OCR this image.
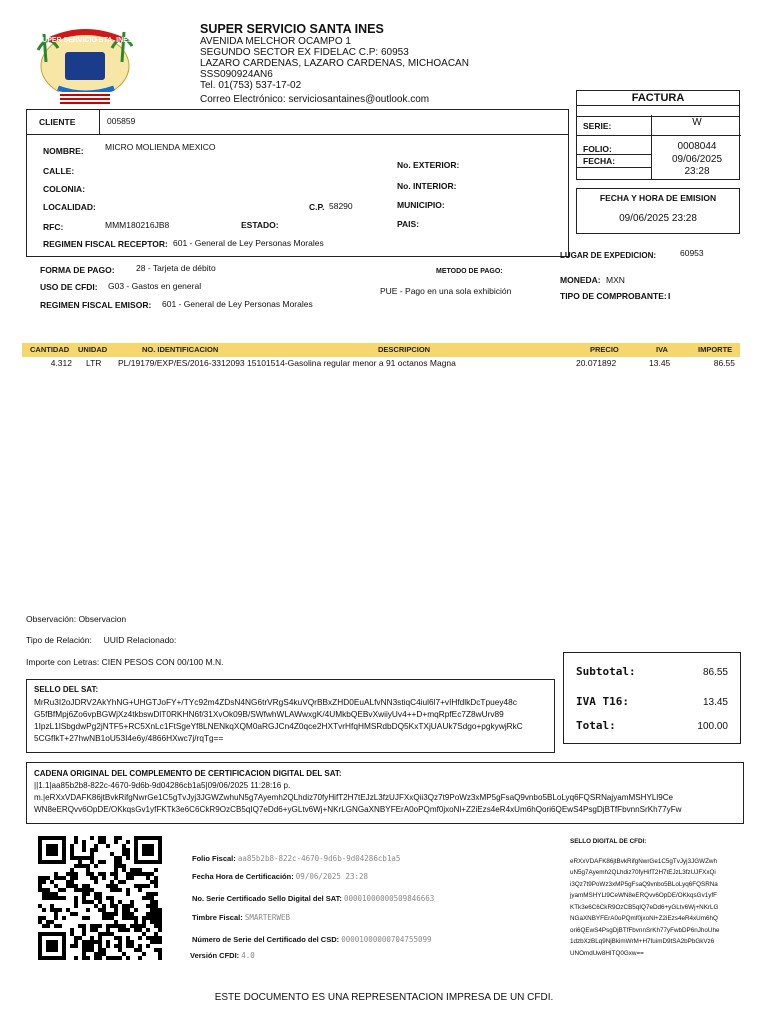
SUPER SERVICIO STA. INES
SUPER SERVICIO SANTA INES
AVENIDA MELCHOR OCAMPO 1
SEGUNDO SECTOR EX FIDELAC C.P: 60953
LAZARO CARDENAS, LAZARO CARDENAS, MICHOACAN
SSS090924AN6
Tel. 01(753) 537-17-02
Correo Electrónico: serviciosantaines@outlook.com	FACTURA
SERIE:	W
FOLIO:	0008044
FECHA:	09/06/2025
23:28
FECHA Y HORA DE EMISION
09/06/2025 23:28
CLIENTE	005859
NOMBRE:	MICRO MOLIENDA MEXICO
CALLE:
COLONIA:
LOCALIDAD:	C.P. 58290
RFC:	MMM180216JB8	ESTADO:
No. EXTERIOR:
No. INTERIOR:
MUNICIPIO:
PAIS:
REGIMEN FISCAL RECEPTOR: 601 - General de Ley Personas Morales
LUGAR DE EXPEDICION:	60953
FORMA DE PAGO:	28 - Tarjeta de débito
USO DE CFDI: G03 - Gastos en general
REGIMEN FISCAL EMISOR: 601 - General de Ley Personas Morales
METODO DE PAGO:
PUE - Pago en una sola exhibición
MONEDA: MXN
TIPO DE COMPROBANTE: I
CANTIDAD UNIDAD	NO. IDENTIFICACION	DESCRIPCION	PRECIO	IVA	IMPORTE
4.312 LTR PL/19179/EXP/ES/2016-3312093 15101514-Gasolina regular menor a 91 octanos Magna	20.071892	13.45	86.55
Observación: Observacion
Tipo de Relación:     UUID Relacionado:
Importe con Letras: CIEN PESOS CON 00/100 M.N.
Subtotal:	86.55
IVA T16:	13.45
Total:	100.00
SELLO DEL SAT:
MrRu3I2oJDRV2AkYhNG+UHGTJoFY+/TYc92m4ZDsN4NG6trVRgS4kuVQrBBxZHD0EuALfvNN3stiqC4iul6l7+vIHfdlkDcTpuey48c
G5fBfMpj6Zo6vpBGWjXz4tkbswDlT0RKHN6f/31XvOk09B/SWfwhWLAWwxgK/4UMkbQEBvXwiiyUv4++D+mqRpfEc7Z8wUrv89
1IpzL1lSbgdwPg2jNTF5+RC5XnLc1FtSgeYf8LNENkqXQM0aRGJCn4Z0qce2HXTvrHfqHMSRdbDQ5KxTXjUAUk7Sdgo+pgkywjRkC
5CGflkT+27hwNB1oU53I4e6y/4866HXwc7j/rqTg==
CADENA ORIGINAL DEL COMPLEMENTO DE CERTIFICACION DIGITAL DEL SAT:
||1.1|aa85b2b8-822c-4670-9d6b-9d04286cb1a5|09/06/2025 11:28:16 p.
m.|eRXxVDAFK86jtBvkRifgNwrGe1C5gTvJyj3JGWZwhuN5g7Ayemh2QLhdiz70fyHifT2H7tEJzL3fzUJFXxQii3Qz7t9PoWz3xMP5gFsaQ9vnbo5BLoLyq6FQSRNajyamMSHYLl9Ce
WN8eERQvv6OpDE/OKkqsGv1yfFKTk3e6C6CkR9OzCB5qIQ7eDd6+yGLtv6Wj+NKrLGNGaXNBYFErA0oPQmf0jxoNl+Z2iEzs4eR4xUm6hQori6QEwS4PsgDjBTfFbvnnSrKh77yFw
Folio Fiscal: aa85b2b8-822c-4670-9d6b-9d04286cb1a5
Fecha Hora de Certificación: 09/06/2025 23:28
No. Serie Certificado Sello Digital del SAT: 00001000000509846663
Timbre Fiscal: SMARTERWEB
Número de Serie del Certificado del CSD: 00001000000704755099
Versión CFDI: 4.0
SELLO DIGITAL DE CFDI:
eRXxVDAFK86jtBvkRifgNwrGe1C5gTvJyj3JGWZwh
uN5g7Ayemh2QLhdiz70fyHifT2H7tEJzL3fzUJFXxQi
i3Qz7t9PoWz3xMP5gFsaQ9vnbo5BLoLyq6FQSRNa
jyamMSHYLl9CeWN8eERQvv6OpDE/OKkqsGv1yfF
KTk3e6C6CkR9OzCB5qIQ7eDd6+yGLtv6Wj+NKrLG
NGaXNBYFErA0oPQmf0jxoNl+Z2iEzs4eR4xUm6hQ
ori6QEwS4PsgDjBTfFbvnnSrKh77yFwbDP6nJhoUhe
1dzbXzBLq9NjBkimWrM+H7fuimD9tSA2bPbGkVz6
UNOmdUw8HITQ0Gxw==
ESTE DOCUMENTO ES UNA REPRESENTACION IMPRESA DE UN CFDI.
